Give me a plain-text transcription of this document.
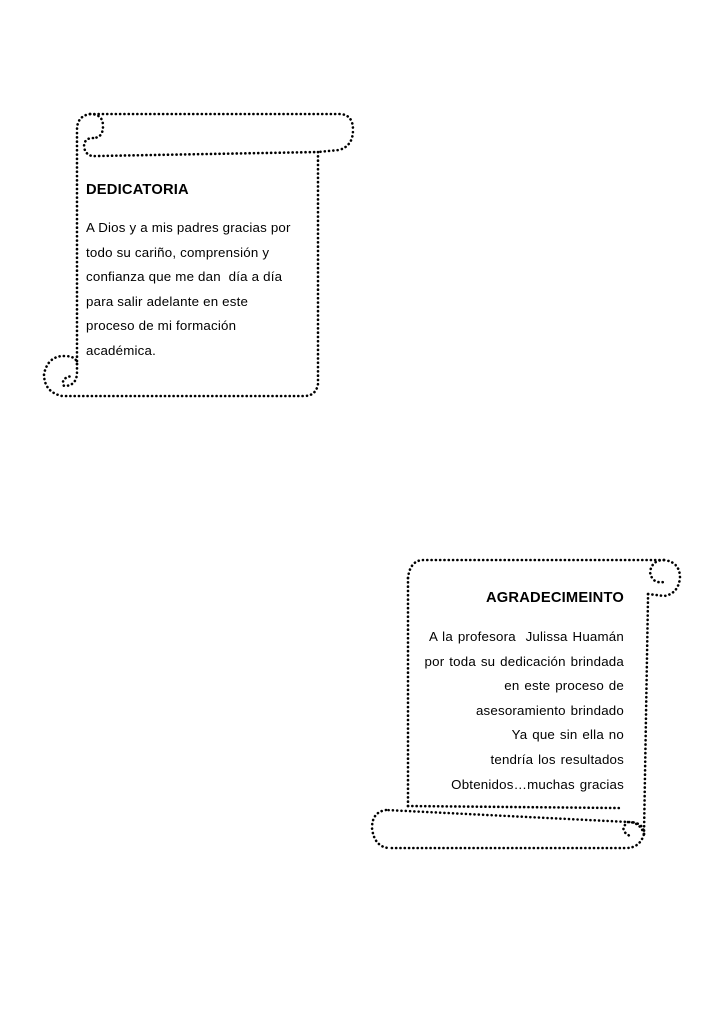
DEDICATORIA
A Dios y a mis padres gracias por
todo su cariño, comprensión y
confianza que me dan  día a día
para salir adelante en este
proceso de mi formación
académica.
AGRADECIMEINTO
A la profesora  Julissa Huamán
por toda su dedicación brindada
en este proceso de
asesoramiento brindado
Ya que sin ella no
tendría los resultados
Obtenidos…muchas gracias
